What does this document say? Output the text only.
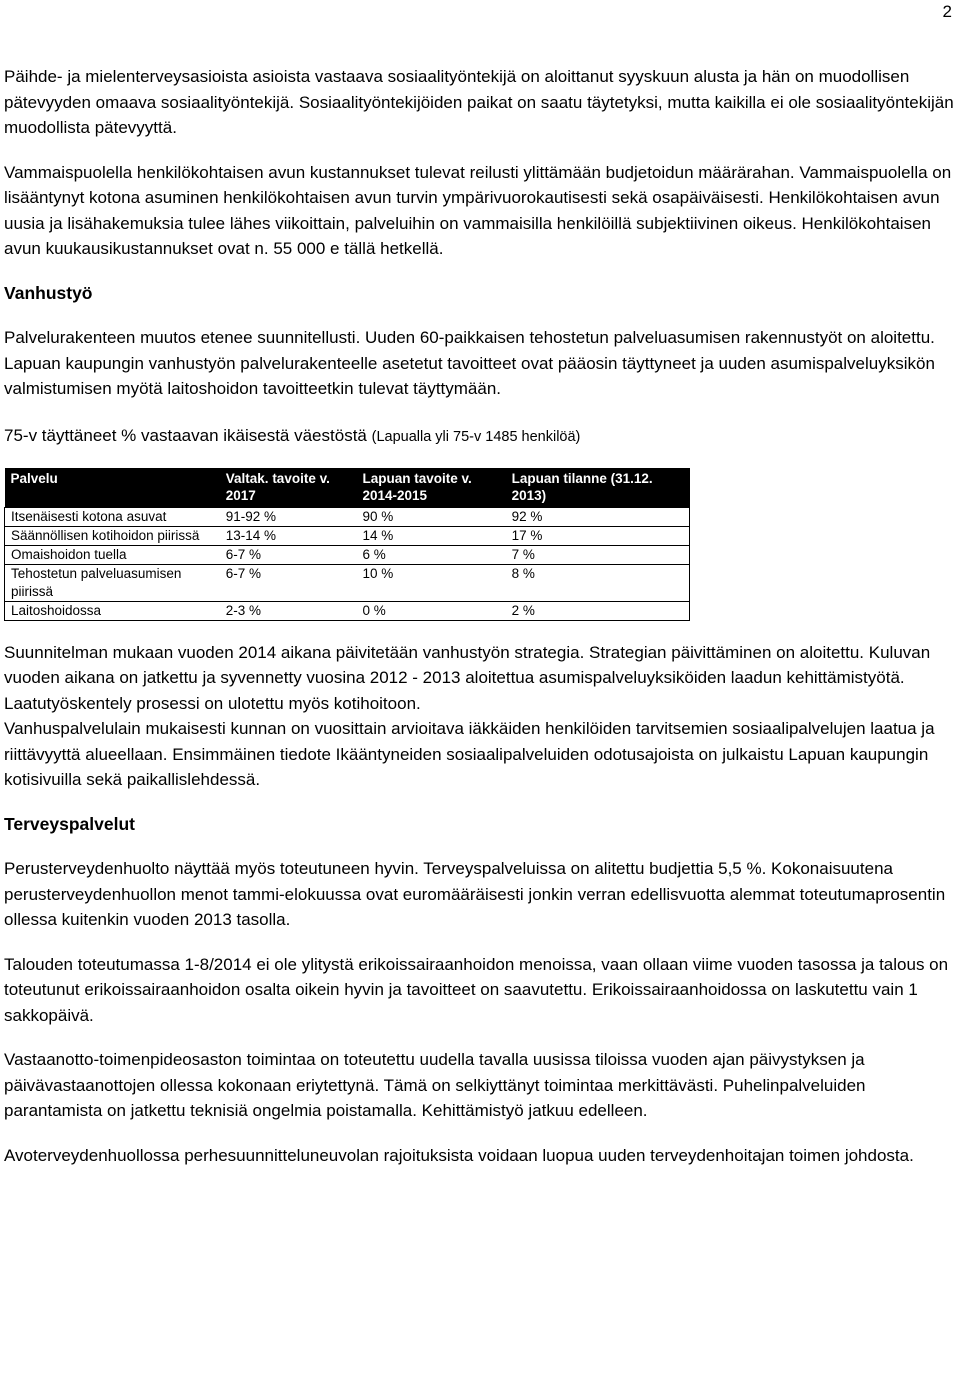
2

Päihde- ja mielenterveysasioista asioista vastaava sosiaalityöntekijä on aloittanut syyskuun alusta ja hän on muodollisen pätevyyden omaava sosiaalityöntekijä. Sosiaalityöntekijöiden paikat on saatu täytetyksi, mutta kaikilla ei ole sosiaalityöntekijän muodollista pätevyyttä.

Vammaispuolella henkilökohtaisen avun kustannukset tulevat reilusti ylittämään budjetoidun määrärahan. Vammaispuolella on lisääntynyt kotona asuminen henkilökohtaisen avun turvin ympärivuorokautisesti sekä osapäiväisesti. Henkilökohtaisen avun uusia ja lisähakemuksia tulee lähes viikoittain, palveluihin on vammaisilla henkilöillä subjektiivinen oikeus. Henkilökohtaisen avun kuukausikustannukset ovat n. 55 000 e tällä hetkellä.

Vanhustyö

Palvelurakenteen muutos etenee suunnitellusti. Uuden 60-paikkaisen tehostetun palveluasumisen rakennustyöt on aloitettu.

Lapuan kaupungin vanhustyön palvelurakenteelle asetetut tavoitteet ovat pääosin täyttyneet ja uuden asumispalveluyksikön valmistumisen myötä laitoshoidon tavoitteetkin tulevat täyttymään.

75-v täyttäneet % vastaavan ikäisestä väestöstä (Lapualla yli 75-v 1485 henkilöä)
Palvelu	Valtak. tavoite v. 2017	Lapuan tavoite v. 2014-2015	Lapuan tilanne (31.12. 2013)
Itsenäisesti kotona asuvat	91-92 %	90 %	92 %
Säännöllisen kotihoidon piirissä	13-14 %	14 %	17 %
Omaishoidon tuella	6-7 %	6 %	7 %
Tehostetun palveluasumisen piirissä	6-7 %	10 %	8 %
Laitoshoidossa	2-3 %	0 %	2 %

Suunnitelman mukaan vuoden 2014 aikana päivitetään vanhustyön strategia. Strategian päivittäminen on aloitettu. Kuluvan vuoden aikana on jatkettu ja syvennetty vuosina 2012 - 2013 aloitettua asumispalveluyksiköiden laadun kehittämistyötä. Laatutyöskentely prosessi on ulotettu myös kotihoitoon.

Vanhuspalvelulain mukaisesti kunnan on vuosittain arvioitava iäkkäiden henkilöiden tarvitsemien sosiaalipalvelujen laatua ja riittävyyttä alueellaan. Ensimmäinen tiedote Ikääntyneiden sosiaalipalveluiden odotusajoista on julkaistu Lapuan kaupungin kotisivuilla sekä paikallislehdessä.

Terveyspalvelut

Perusterveydenhuolto näyttää myös toteutuneen hyvin. Terveyspalveluissa on alitettu budjettia 5,5 %. Kokonaisuutena perusterveydenhuollon menot tammi-elokuussa ovat euromääräisesti jonkin verran edellisvuotta alemmat toteutumaprosentin ollessa kuitenkin vuoden 2013 tasolla.

Talouden toteutumassa 1-8/2014 ei ole ylitystä erikoissairaanhoidon menoissa, vaan ollaan viime vuoden tasossa ja talous on toteutunut erikoissairaanhoidon osalta oikein hyvin ja tavoitteet on saavutettu. Erikoissairaanhoidossa on laskutettu vain 1 sakkopäivä.

Vastaanotto-toimenpideosaston toimintaa on toteutettu uudella tavalla uusissa tiloissa vuoden ajan päivystyksen ja päivävastaanottojen ollessa kokonaan eriytettynä. Tämä on selkiyttänyt toimintaa merkittävästi. Puhelinpalveluiden parantamista on jatkettu teknisiä ongelmia poistamalla. Kehittämistyö jatkuu edelleen.

Avoterveydenhuollossa perhesuunnitteluneuvolan rajoituksista voidaan luopua uuden terveydenhoitajan toimen johdosta.
